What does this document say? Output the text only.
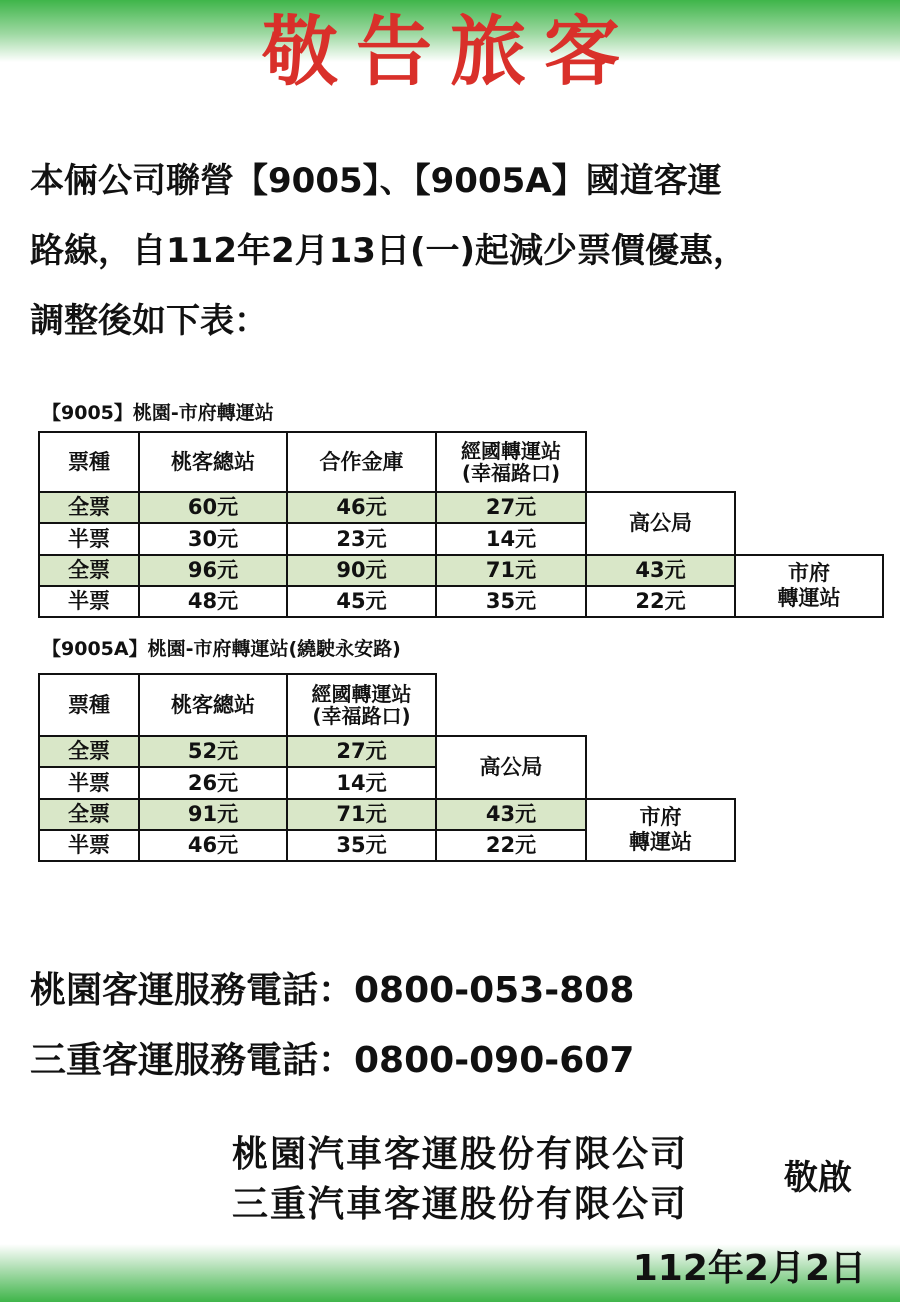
敬告旅客
本倆公司聯營【9005】、【9005A】國道客運
路線，自112年2月13日(一)起減少票價優惠，
調整後如下表：
【9005】桃園-市府轉運站
票種	桃客總站	合作金庫	經國轉運站
(幸福路口)
全票	60元	46元	27元
高公局
半票	30元	23元	14元
全票	96元	90元	71元	43元	市府
轉運站
半票	48元	45元	35元	22元
【9005A】桃園-市府轉運站(繞駛永安路)
票種	桃客總站	經國轉運站
(幸福路口)
全票	52元	27元
高公局
半票	26元	14元
全票	91元	71元	43元	市府
轉運站
半票	46元	35元	22元
桃園客運服務電話：0800-053-808
三重客運服務電話：0800-090-607
桃園汽車客運股份有限公司
三重汽車客運股份有限公司
敬啟
112年2月2日
